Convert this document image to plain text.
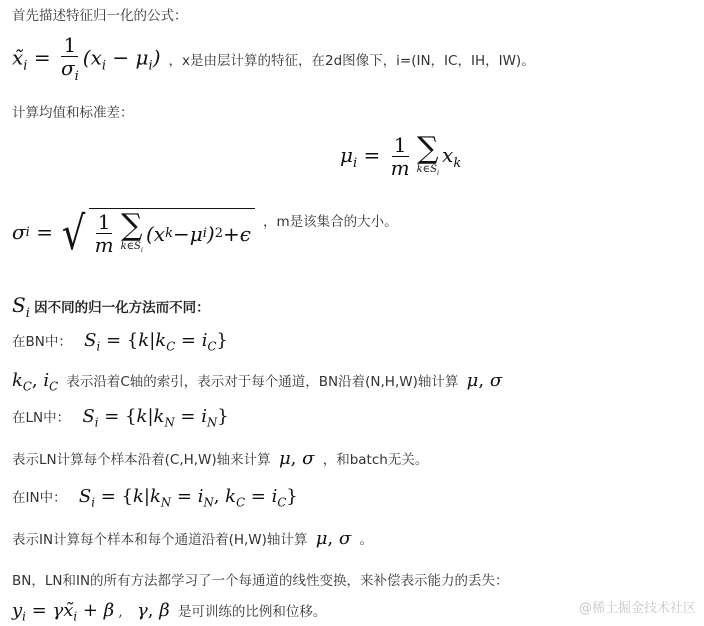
首先描述特征归一化的公式：
$x̃_i = \frac{1}{\sigma_i} (x_i - \mu_i)$ ，x是由层计算的特征，在2d图像下，i=(IN，IC，IH，IW)。
计算均值和标准差：
$\mu_i = \frac{1}{m}$ ∑
$k\in S_i$
$x_k$
σ i
=
√ $\frac{1}{m}$ ∑
$k\in S_i$
(x k − μ i ) 2 + ϵ ，m是该集合的大小。
$S_i$ 因不同的归一化方法而不同：
在BN中： $S_i = \{k|k_C = i_C\}$
$k_C$, $i_C$ 表示沿着C轴的索引，表示对于每个通道，BN沿着(N,H,W)轴计算 μ, σ
在LN中： $S_i = \{k|k_N = i_N\}$
表示LN计算每个样本沿着(C,H,W)轴来计算 μ, σ ，和batch无关。
在IN中： $S_i = \{k|k_N = i_N$, $k_C = i_C$}
表示IN计算每个样本和每个通道沿着(H,W)轴计算 μ, σ 。
BN，LN和IN的所有方法都学习了一个每通道的线性变换，来补偿表示能力的丢失：
$y_i$ = $\gamma x̃_i + \beta$ , γ, β 是可训练的比例和位移。	@稀土掘金技术社区
